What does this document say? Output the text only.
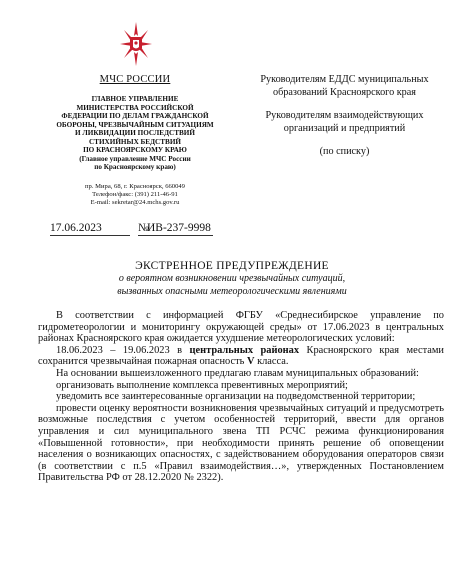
МЧС РОССИИ
ГЛАВНОЕ УПРАВЛЕНИЕ
МИНИСТЕРСТВА РОССИЙСКОЙ
ФЕДЕРАЦИИ ПО ДЕЛАМ ГРАЖДАНСКОЙ
ОБОРОНЫ, ЧРЕЗВЫЧАЙНЫМ СИТУАЦИЯМ
И ЛИКВИДАЦИИ ПОСЛЕДСТВИЙ
СТИХИЙНЫХ БЕДСТВИЙ
ПО КРАСНОЯРСКОМУ КРАЮ
(Главное управление МЧС России
по Красноярскому краю)
пр. Мира, 68, г. Красноярск, 660049
Телефон/факс: (391) 211-46-91
E-mail: sekretar@24.mchs.gov.ru
17.06.2023	№
ИВ-237-9998
Руководителям ЕДДС муниципальных
образований Красноярского края
Руководителям взаимодействующих
организаций и предприятий
(по списку)
ЭКСТРЕННОЕ ПРЕДУПРЕЖДЕНИЕ
о вероятном возникновении чрезвычайных ситуаций,
вызванных опасными метеорологическими явлениями

В соответствии с информацией ФГБУ «Среднесибирское управление по гидрометеорологии и мониторингу окружающей среды» от 17.06.2023 в центральных районах Красноярского края ожидается ухудшение метеорологических условий:

18.06.2023 – 19.06.2023 в центральных районах Красноярского края местами сохранится чрезвычайная пожарная опасность V класса.

На основании вышеизложенного предлагаю главам муниципальных образований:

организовать выполнение комплекса превентивных мероприятий;

уведомить все заинтересованные организации на подведомственной территории;

провести оценку вероятности возникновения чрезвычайных ситуаций и предусмотреть возможные последствия с учетом особенностей территорий, ввести для органов управления и сил муниципального звена ТП РСЧС режима функционирования «Повышенной готовности», при необходимости принять решение об оповещении населения о возникающих опасностях, с задействованием оборудования операторов связи (в соответствии с п.5 «Правил взаимодействия…», утвержденных Постановлением Правительства РФ от 28.12.2020 № 2322).
